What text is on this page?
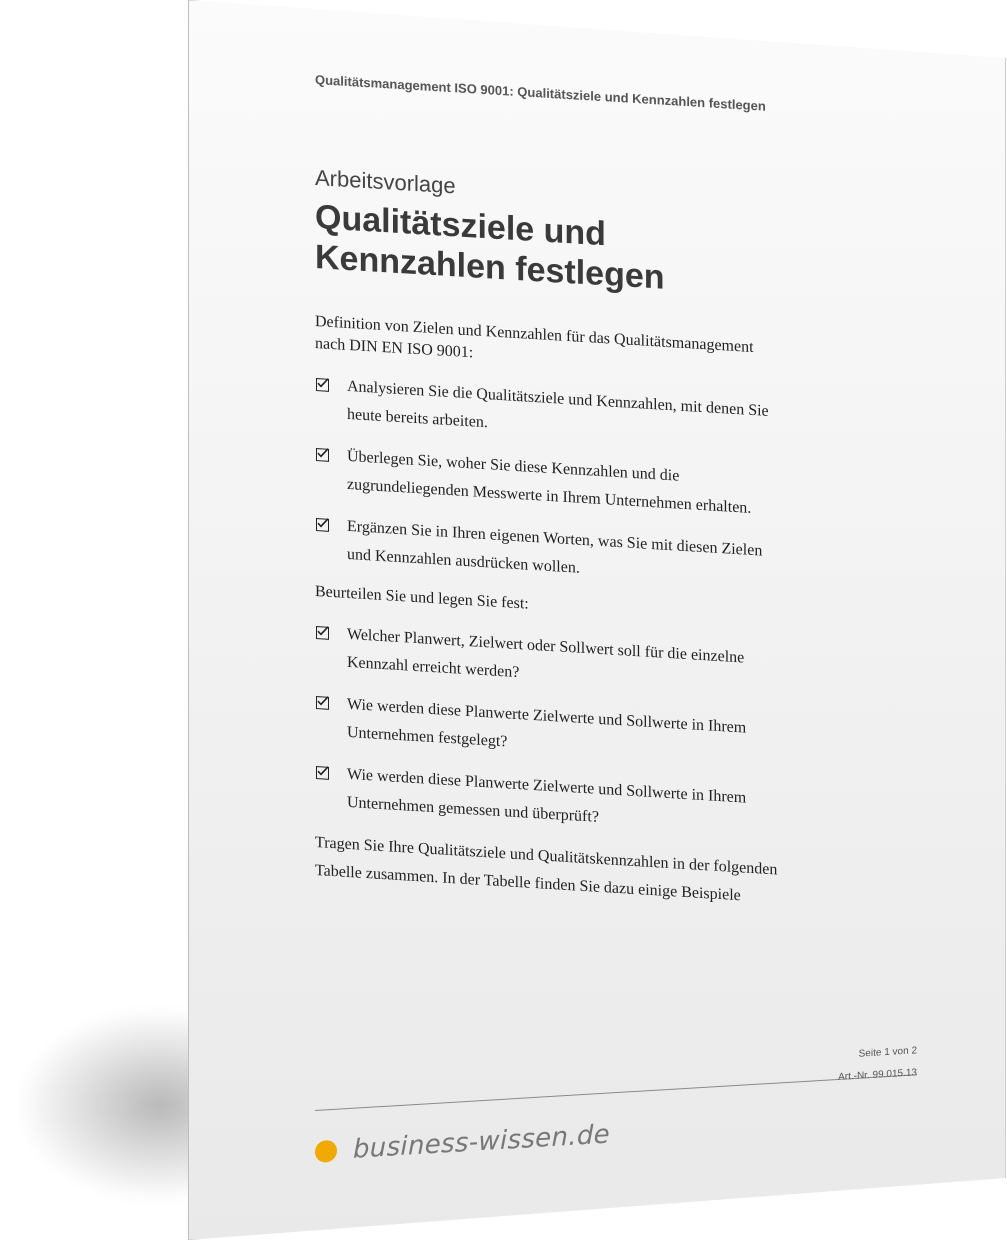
Qualitätsmanagement ISO 9001: Qualitätsziele und Kennzahlen festlegen
Arbeitsvorlage
Qualitätsziele und Kennzahlen festlegen
Definition von Zielen und Kennzahlen für das Qualitätsmanagement nach DIN EN ISO 9001:
Analysieren Sie die Qualitätsziele und Kennzahlen, mit denen Sie heute bereits arbeiten.
Überlegen Sie, woher Sie diese Kennzahlen und die zugrundeliegenden Messwerte in Ihrem Unternehmen erhalten.
Ergänzen Sie in Ihren eigenen Worten, was Sie mit diesen Zielen und Kennzahlen ausdrücken wollen.
Beurteilen Sie und legen Sie fest:
Welcher Planwert, Zielwert oder Sollwert soll für die einzelne Kennzahl erreicht werden?
Wie werden diese Planwerte Zielwerte und Sollwerte in Ihrem Unternehmen festgelegt?
Wie werden diese Planwerte Zielwerte und Sollwerte in Ihrem Unternehmen gemessen und überprüft?
Tragen Sie Ihre Qualitätsziele und Qualitätskennzahlen in der folgenden Tabelle zusammen. In der Tabelle finden Sie dazu einige Beispiele
Seite 1 von 2
Art.-Nr. 99.015.13
business-wissen.de
